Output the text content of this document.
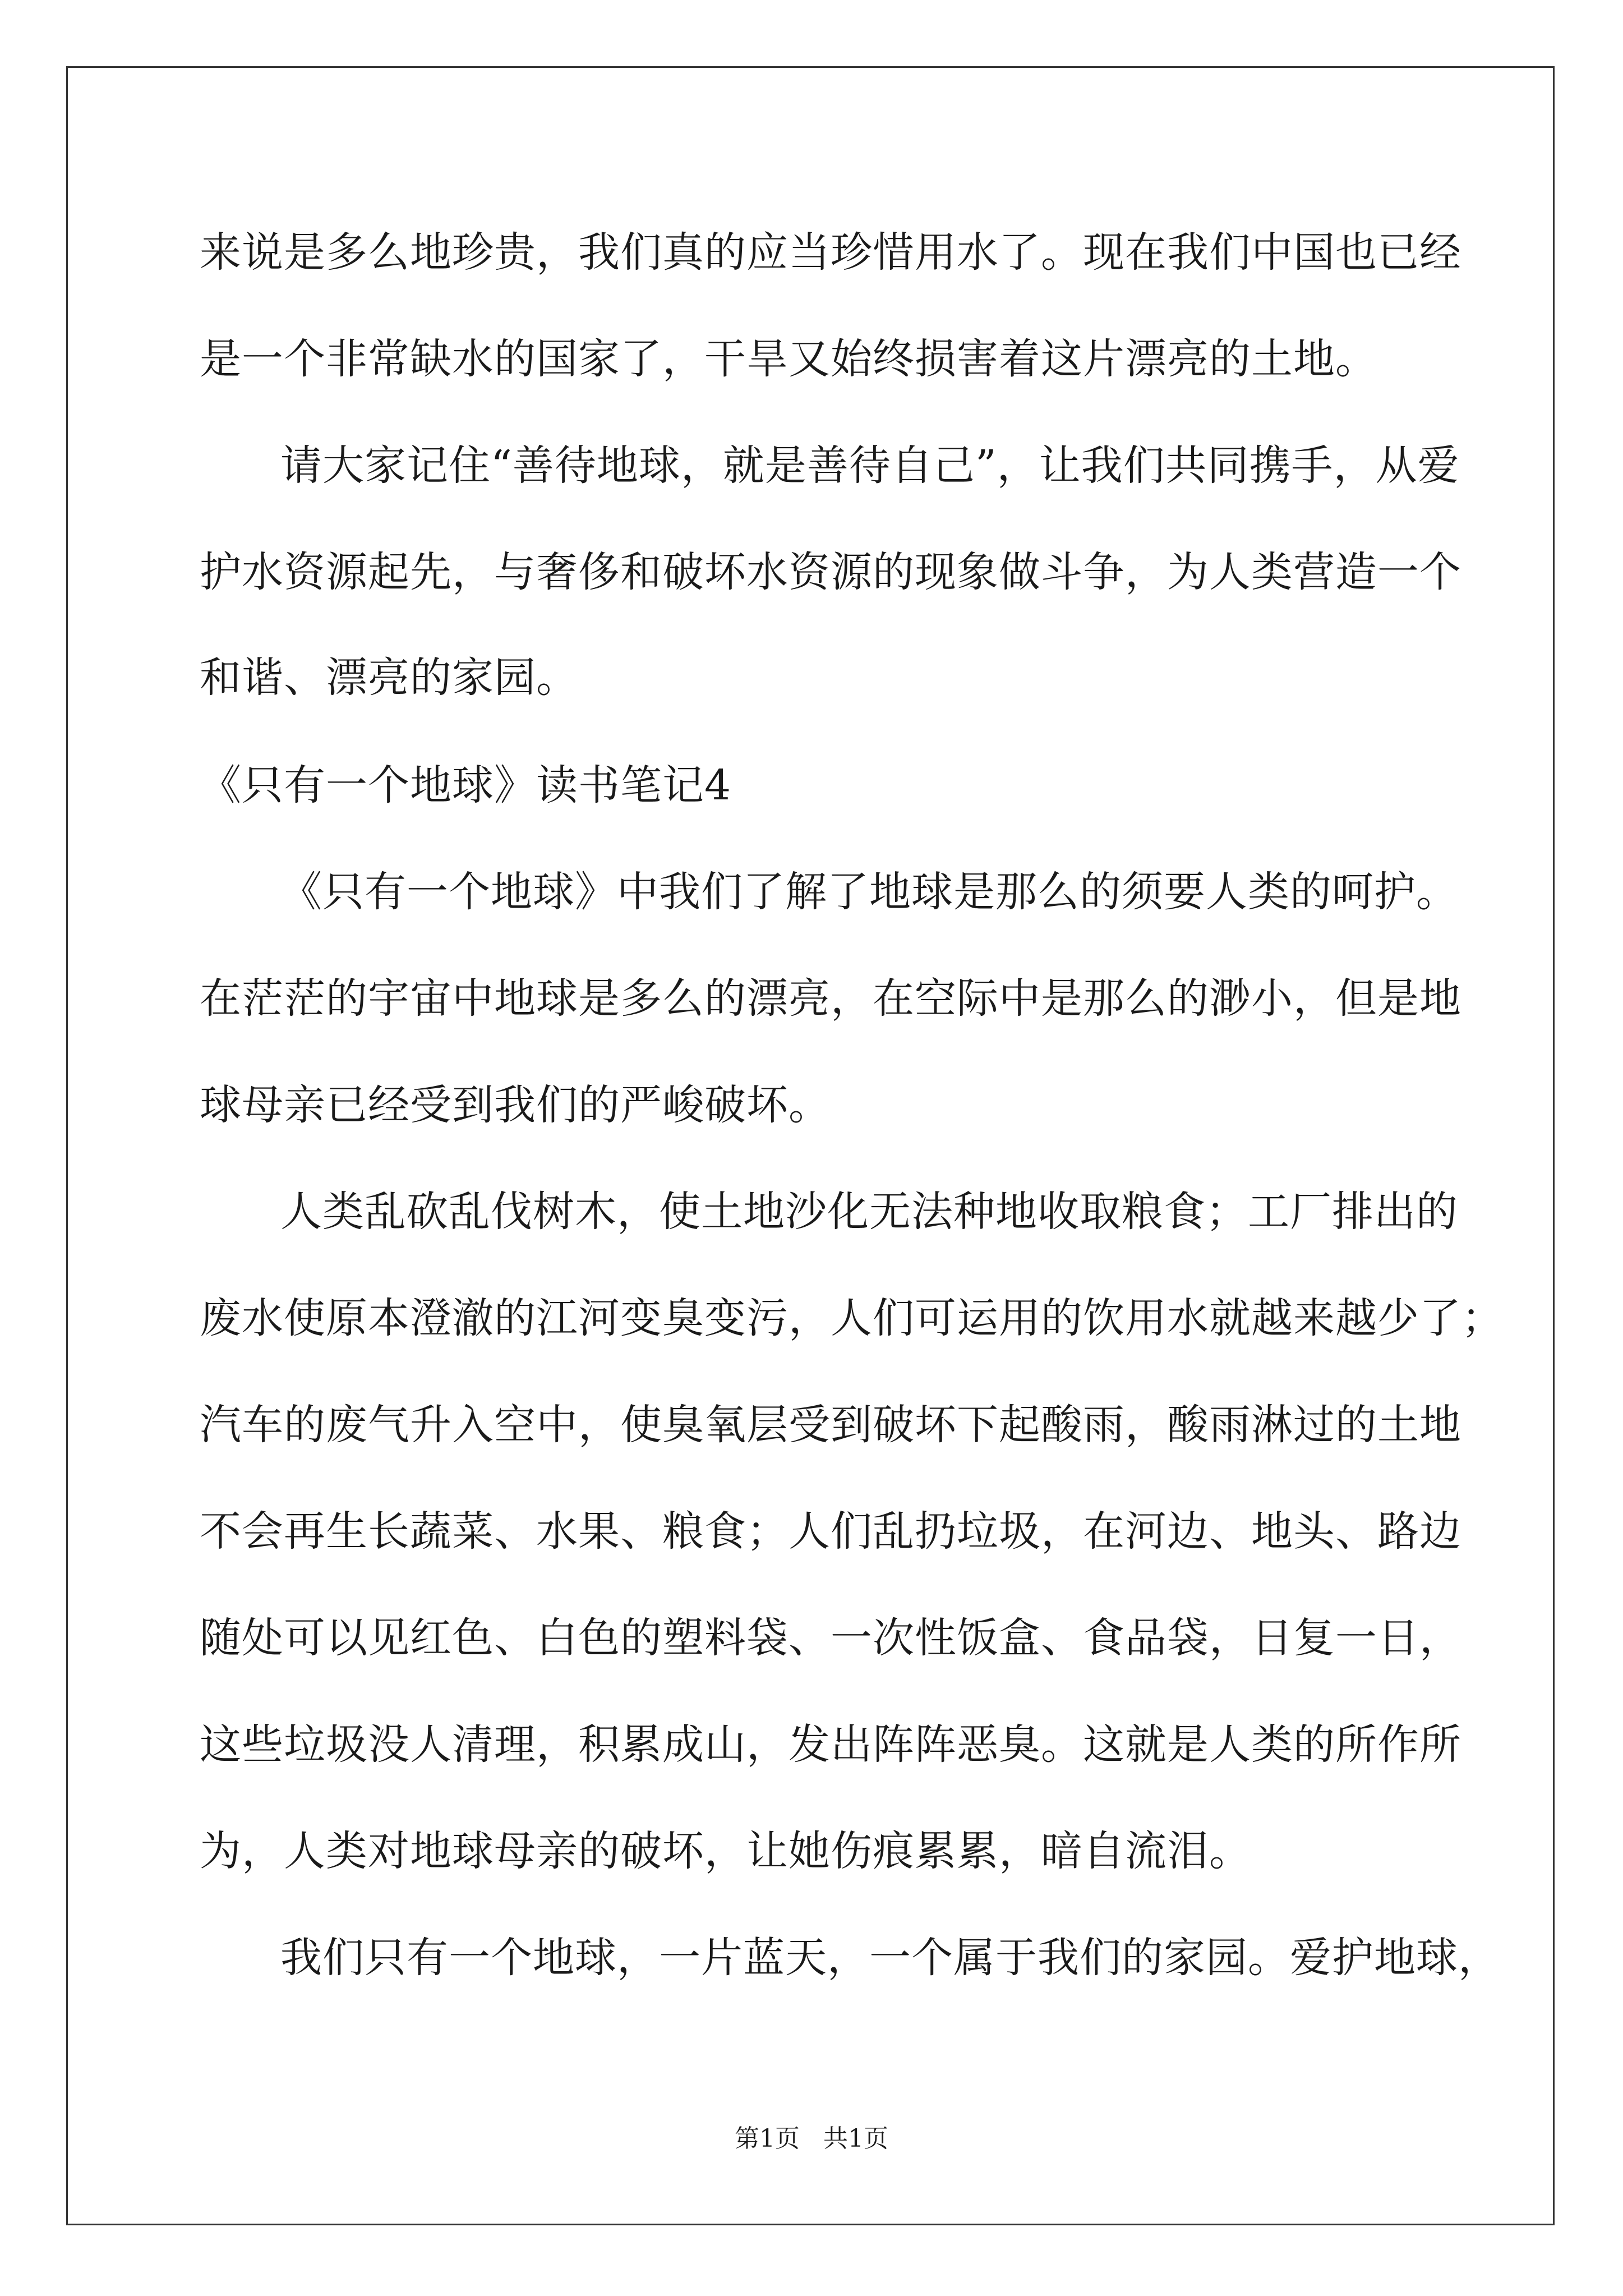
来说是多么地珍贵，我们真的应当珍惜用水了。现在我们中国也已经
是一个非常缺水的国家了，干旱又始终损害着这片漂亮的土地。
请大家记住“善待地球，就是善待自己”，让我们共同携手，从爱
护水资源起先，与奢侈和破坏水资源的现象做斗争，为人类营造一个
和谐、漂亮的家园。
《只有一个地球》读书笔记4
《只有一个地球》中我们了解了地球是那么的须要人类的呵护。
在茫茫的宇宙中地球是多么的漂亮，在空际中是那么的渺小，但是地
球母亲已经受到我们的严峻破坏。
人类乱砍乱伐树木，使土地沙化无法种地收取粮食；工厂排出的
废水使原本澄澈的江河变臭变污，人们可运用的饮用水就越来越少了；
汽车的废气升入空中，使臭氧层受到破坏下起酸雨，酸雨淋过的土地
不会再生长蔬菜、水果、粮食；人们乱扔垃圾，在河边、地头、路边
随处可以见红色、白色的塑料袋、一次性饭盒、食品袋，日复一日，
这些垃圾没人清理，积累成山，发出阵阵恶臭。这就是人类的所作所
为，人类对地球母亲的破坏，让她伤痕累累，暗自流泪。
我们只有一个地球，一片蓝天，一个属于我们的家园。爱护地球，
第1页   共1页
